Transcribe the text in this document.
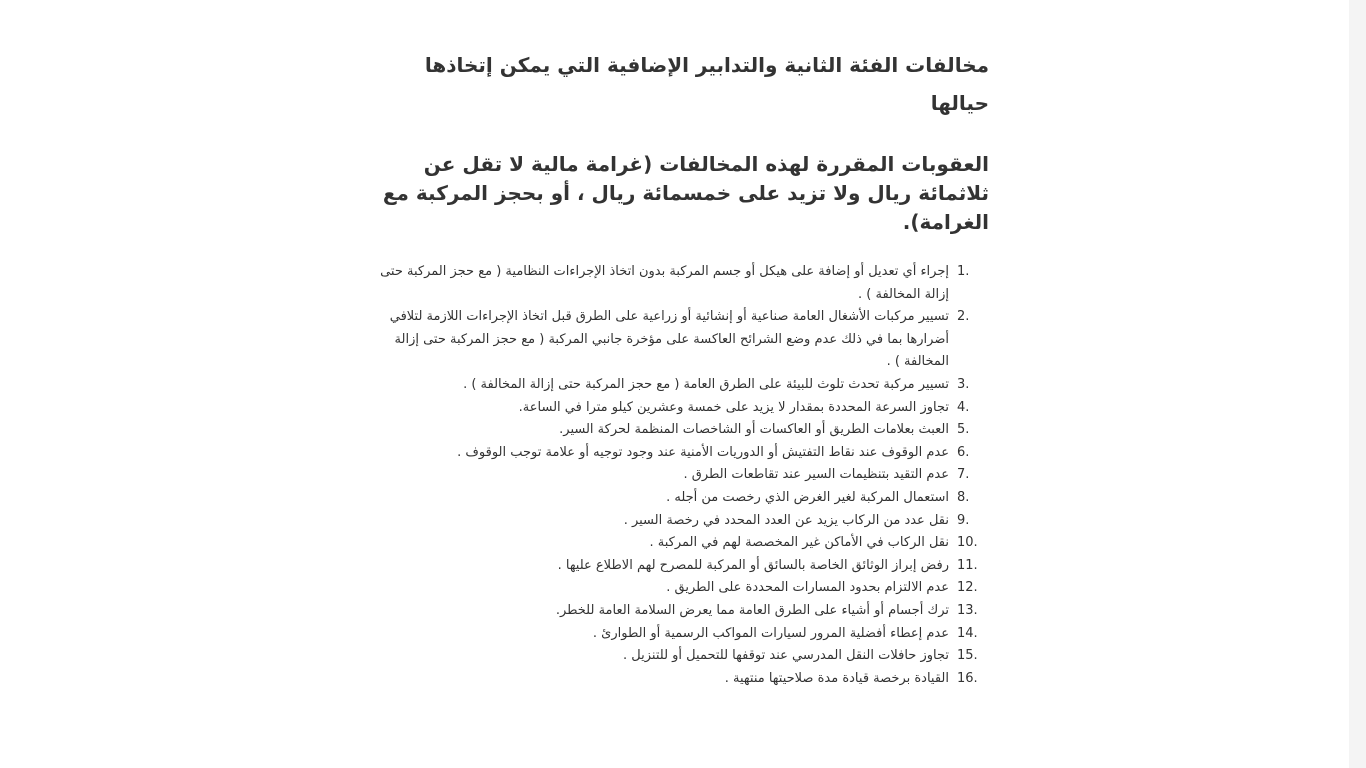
مخالفات الفئة الثانية والتدابير الإضافية التي يمكن إتخاذها حيالها
العقوبات المقررة لهذه المخالفات (غرامة مالية لا تقل عن ثلاثمائة ريال ولا تزيد على خمسمائة ريال ، أو بحجز المركبة مع الغرامة).
1.
إجراء أي تعديل أو إضافة على هيكل أو جسم المركبة بدون اتخاذ الإجراءات النظامية ( مع حجز المركبة حتى إزالة المخالفة ) .
2.
تسيير مركبات الأشغال العامة صناعية أو إنشائية أو زراعية على الطرق قبل اتخاذ الإجراءات اللازمة لتلافي أضرارها بما في ذلك عدم وضع الشرائح العاكسة على مؤخرة جانبي المركبة ( مع حجز المركبة حتى إزالة المخالفة ) .
3.
تسيير مركبة تحدث تلوث للبيئة على الطرق العامة ( مع حجز المركبة حتى إزالة المخالفة ) .
4.
تجاوز السرعة المحددة بمقدار لا يزيد على خمسة وعشرين كيلو مترا في الساعة.
5.
العبث بعلامات الطريق أو العاكسات أو الشاخصات المنظمة لحركة السير.
6.
عدم الوقوف عند نقاط التفتيش أو الدوريات الأمنية عند وجود توجيه أو علامة توجب الوقوف .
7.
عدم التقيد بتنظيمات السير عند تقاطعات الطرق .
8.
استعمال المركبة لغير الغرض الذي رخصت من أجله .
9.
نقل عدد من الركاب يزيد عن العدد المحدد في رخصة السير .
10.
نقل الركاب في الأماكن غير المخصصة لهم في المركبة .
11.
رفض إبراز الوثائق الخاصة بالسائق أو المركبة للمصرح لهم الاطلاع عليها .
12.
عدم الالتزام بحدود المسارات المحددة على الطريق .
13.
ترك أجسام أو أشياء على الطرق العامة مما يعرض السلامة العامة للخطر.
14.
عدم إعطاء أفضلية المرور لسيارات المواكب الرسمية أو الطوارئ .
15.
تجاوز حافلات النقل المدرسي عند توقفها للتحميل أو للتنزيل .
16.
القيادة برخصة قيادة مدة صلاحيتها منتهية .
